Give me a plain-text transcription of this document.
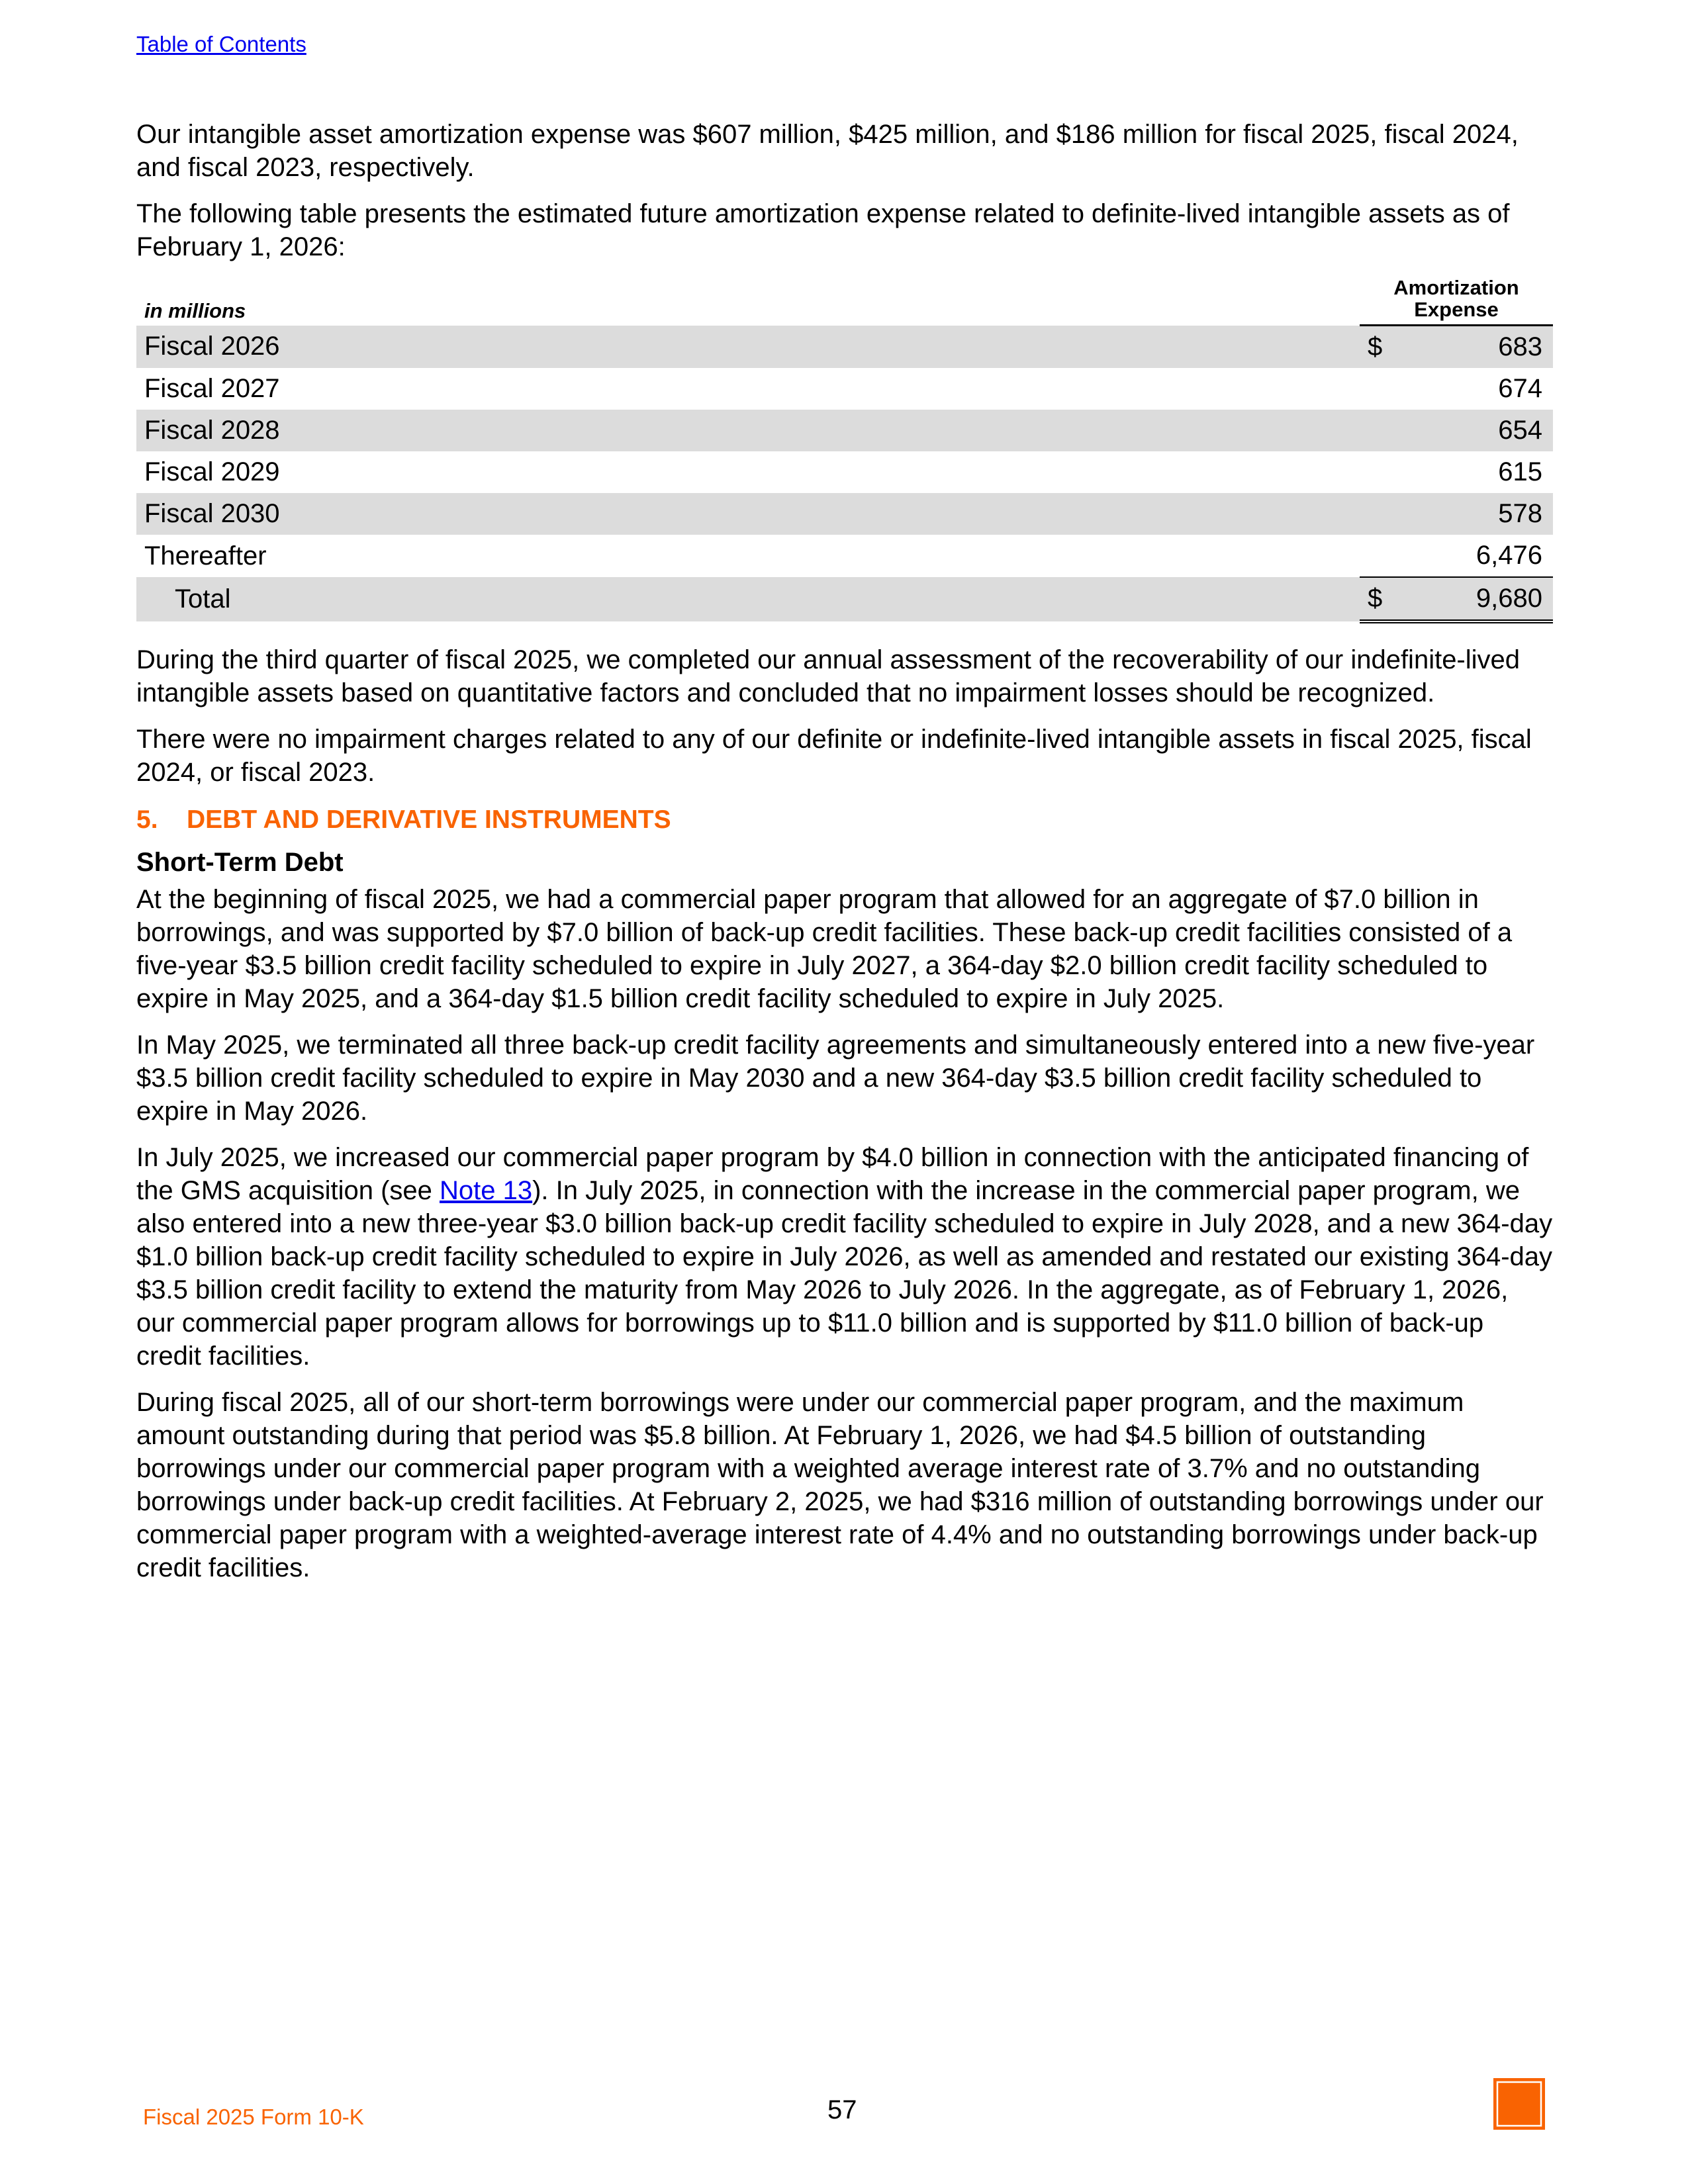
Table of Contents

Our intangible asset amortization expense was $607 million, $425 million, and $186 million for fiscal 2025, fiscal 2024, and fiscal 2023, respectively.

The following table presents the estimated future amortization expense related to definite-lived intangible assets as of February 1, 2026:

in millions	Amortization
Expense	
Fiscal 2026	$	683
Fiscal 2027		674
Fiscal 2028		654
Fiscal 2029		615
Fiscal 2030		578
Thereafter		6,476
Total	$	9,680

During the third quarter of fiscal 2025, we completed our annual assessment of the recoverability of our indefinite-lived intangible assets based on quantitative factors and concluded that no impairment losses should be recognized.

There were no impairment charges related to any of our definite or indefinite-lived intangible assets in fiscal 2025, fiscal 2024, or fiscal 2023.

5. DEBT AND DERIVATIVE INSTRUMENTS
Short-Term Debt

At the beginning of fiscal 2025, we had a commercial paper program that allowed for an aggregate of $7.0 billion in borrowings, and was supported by $7.0 billion of back-up credit facilities. These back-up credit facilities consisted of a five-year $3.5 billion credit facility scheduled to expire in July 2027, a 364-day $2.0 billion credit facility scheduled to expire in May 2025, and a 364-day $1.5 billion credit facility scheduled to expire in July 2025.

In May 2025, we terminated all three back-up credit facility agreements and simultaneously entered into a new five-year $3.5 billion credit facility scheduled to expire in May 2030 and a new 364-day $3.5 billion credit facility scheduled to expire in May 2026.

In July 2025, we increased our commercial paper program by $4.0 billion in connection with the anticipated financing of the GMS acquisition (see Note 13). In July 2025, in connection with the increase in the commercial paper program, we also entered into a new three-year $3.0 billion back-up credit facility scheduled to expire in July 2028, and a new 364-day $1.0 billion back-up credit facility scheduled to expire in July 2026, as well as amended and restated our existing 364-day $3.5 billion credit facility to extend the maturity from May 2026 to July 2026. In the aggregate, as of February 1, 2026, our commercial paper program allows for borrowings up to $11.0 billion and is supported by $11.0 billion of back-up credit facilities.

During fiscal 2025, all of our short-term borrowings were under our commercial paper program, and the maximum amount outstanding during that period was $5.8 billion. At February 1, 2026, we had $4.5 billion of outstanding borrowings under our commercial paper program with a weighted average interest rate of 3.7% and no outstanding borrowings under back-up credit facilities. At February 2, 2025, we had $316 million of outstanding borrowings under our commercial paper program with a weighted-average interest rate of 4.4% and no outstanding borrowings under back-up credit facilities.

Fiscal 2025 Form 10-K	57
